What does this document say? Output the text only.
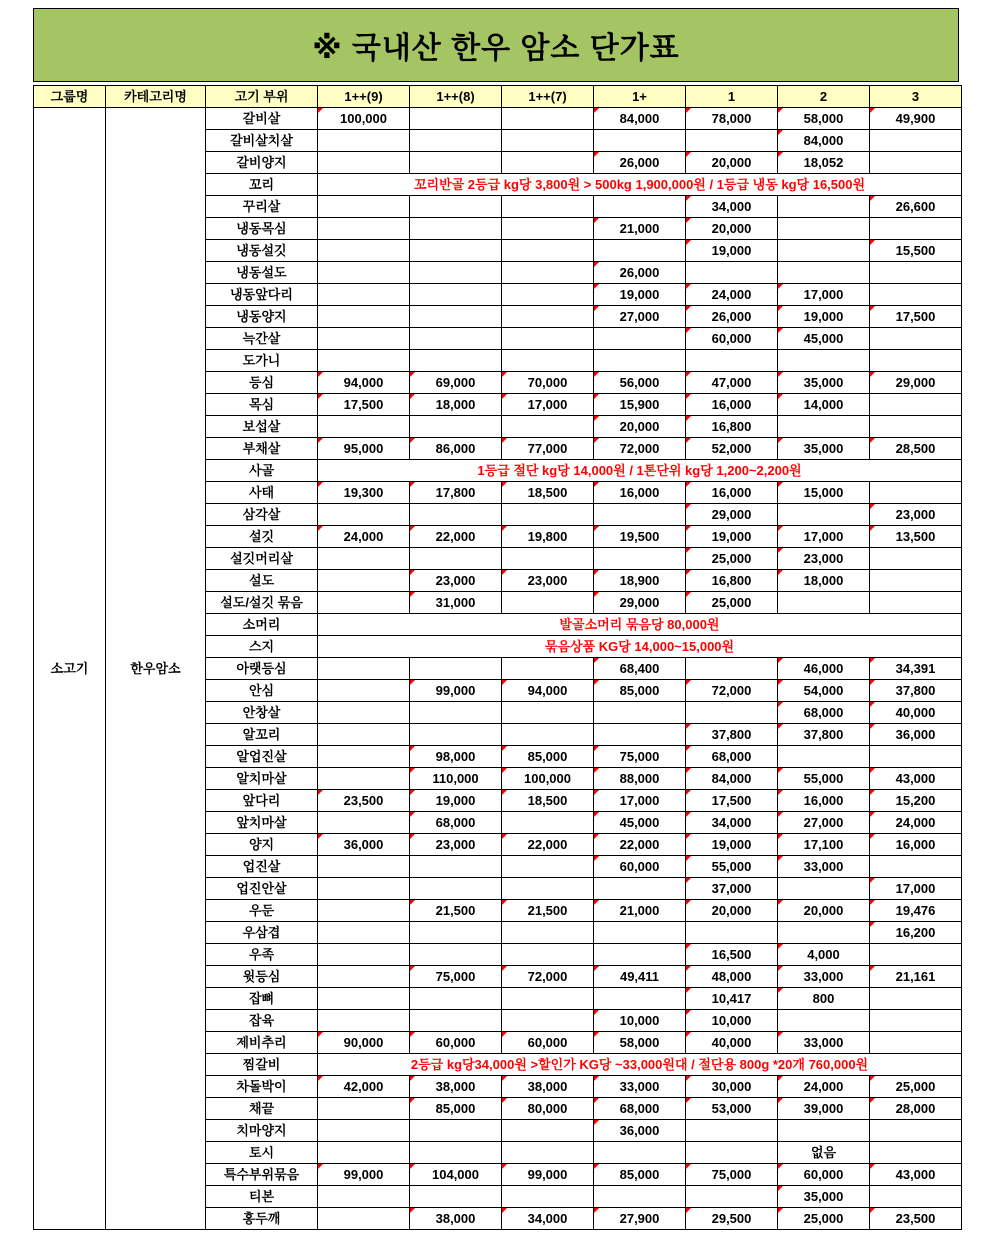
※ 국내산 한우 암소 단가표
그룹명	카테고리명	고기 부위	1++(9)	1++(8)	1++(7)	1+	1	2	3
소고기	한우암소	갈비살	100,000			84,000	78,000	58,000	49,900
		갈비살치살						84,000	
		갈비양지				26,000	20,000	18,052	
		꼬리	꼬리반골 2등급 kg당 3,800원 > 500kg 1,900,000원 / 1등급 냉동 kg당 16,500원						
		꾸리살					34,000		26,600
		냉동목심				21,000	20,000		
		냉동설깃					19,000		15,500
		냉동설도				26,000			
		냉동앞다리				19,000	24,000	17,000	
		냉동양지				27,000	26,000	19,000	17,500
		늑간살					60,000	45,000	
		도가니							
		등심	94,000	69,000	70,000	56,000	47,000	35,000	29,000
		목심	17,500	18,000	17,000	15,900	16,000	14,000	
		보섭살				20,000	16,800		
		부채살	95,000	86,000	77,000	72,000	52,000	35,000	28,500
		사골	1등급 절단 kg당 14,000원 / 1톤단위 kg당 1,200~2,200원						
		사태	19,300	17,800	18,500	16,000	16,000	15,000	
		삼각살					29,000		23,000
		설깃	24,000	22,000	19,800	19,500	19,000	17,000	13,500
		설깃머리살					25,000	23,000	
		설도		23,000	23,000	18,900	16,800	18,000	
		설도/설깃 묶음		31,000		29,000	25,000		
		소머리	발골소머리 묶음당 80,000원						
		스지	묶음상품 KG당 14,000~15,000원						
		아랫등심				68,400		46,000	34,391
		안심		99,000	94,000	85,000	72,000	54,000	37,800
		안창살						68,000	40,000
		알꼬리					37,800	37,800	36,000
		알업진살		98,000	85,000	75,000	68,000		
		알치마살		110,000	100,000	88,000	84,000	55,000	43,000
		앞다리	23,500	19,000	18,500	17,000	17,500	16,000	15,200
		앞치마살		68,000		45,000	34,000	27,000	24,000
		양지	36,000	23,000	22,000	22,000	19,000	17,100	16,000
		업진살				60,000	55,000	33,000	
		업진안살					37,000		17,000
		우둔		21,500	21,500	21,000	20,000	20,000	19,476
		우삼겹							16,200
		우족					16,500	4,000	
		윗등심		75,000	72,000	49,411	48,000	33,000	21,161
		잡뼈					10,417	800	
		잡육				10,000	10,000		
		제비추리	90,000	60,000	60,000	58,000	40,000	33,000	
		찜갈비	2등급 kg당34,000원 >할인가 KG당 ~33,000원대 / 절단용 800g *20개 760,000원						
		차돌박이	42,000	38,000	38,000	33,000	30,000	24,000	25,000
		채끝		85,000	80,000	68,000	53,000	39,000	28,000
		치마양지				36,000			
		토시						없음	
		특수부위묶음	99,000	104,000	99,000	85,000	75,000	60,000	43,000
		티본						35,000	
		홍두깨		38,000	34,000	27,900	29,500	25,000	23,500
